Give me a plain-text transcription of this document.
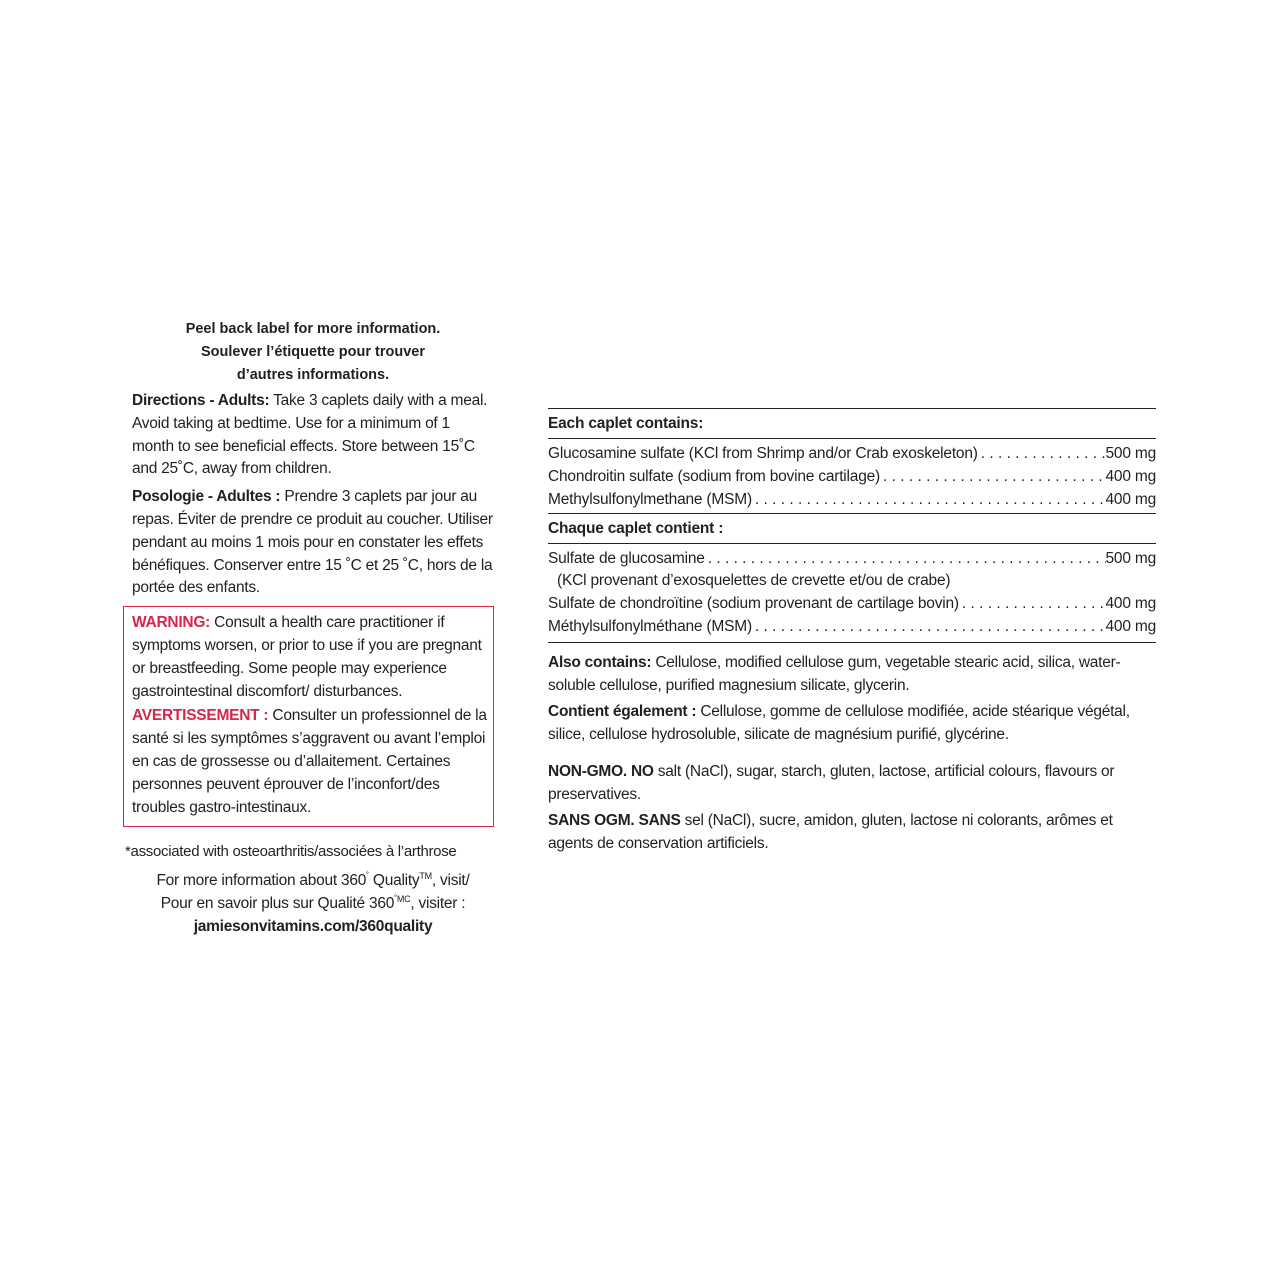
Peel back label for more information.
Soulever l’étiquette pour trouver
d’autres informations.

Directions - Adults: Take 3 caplets daily with a meal. Avoid taking at bedtime. Use for a minimum of 1 month to see beneficial effects. Store between 15˚C and 25˚C, away from children.

Posologie - Adultes : Prendre 3 caplets par jour au repas. Éviter de prendre ce produit au coucher. Utiliser pendant au moins 1 mois pour en constater les effets bénéfiques. Conserver entre 15 ˚C et 25 ˚C, hors de la portée des enfants.

WARNING: Consult a health care practitioner if symptoms worsen, or prior to use if you are pregnant or breastfeeding. Some people may experience gastrointestinal discomfort/ disturbances.

AVERTISSEMENT : Consulter un professionnel de la santé si les symptômes s’aggravent ou avant l’emploi en cas de grossesse ou d’allaitement. Certaines personnes peuvent éprouver de l’inconfort/des troubles gastro-intestinaux.

*associated with osteoarthritis/associées à l’arthrose
For more information about 360˚ Quality™, visit/
Pour en savoir plus sur Qualité $360^{˚MC}$, visiter :
jamiesonvitamins.com/360quality
Each caplet contains:
Glucosamine sulfate (KCl from Shrimp and/or Crab exoskeleton) . . .	500 mg
Chondroitin sulfate (sodium from bovine cartilage) . . .	400 mg
Methylsulfonylmethane (MSM) . . .	400 mg
Chaque caplet contient :
Sulfate de glucosamine . . .	500 mg
(KCl provenant d’exosquelettes de crevette et/ou de crabe)
Sulfate de chondroïtine (sodium provenant de cartilage bovin) . . .	400 mg
Méthylsulfonylméthane (MSM) . . .	400 mg

Also contains: Cellulose, modified cellulose gum, vegetable stearic acid, silica, water-soluble cellulose, purified magnesium silicate, glycerin.

Contient également : Cellulose, gomme de cellulose modifiée, acide stéarique végétal, silice, cellulose hydrosoluble, silicate de magnésium purifié, glycérine.

NON-GMO. NO salt (NaCl), sugar, starch, gluten, lactose, artificial colours, flavours or preservatives.

SANS OGM. SANS sel (NaCl), sucre, amidon, gluten, lactose ni colorants, arômes et agents de conservation artificiels.
